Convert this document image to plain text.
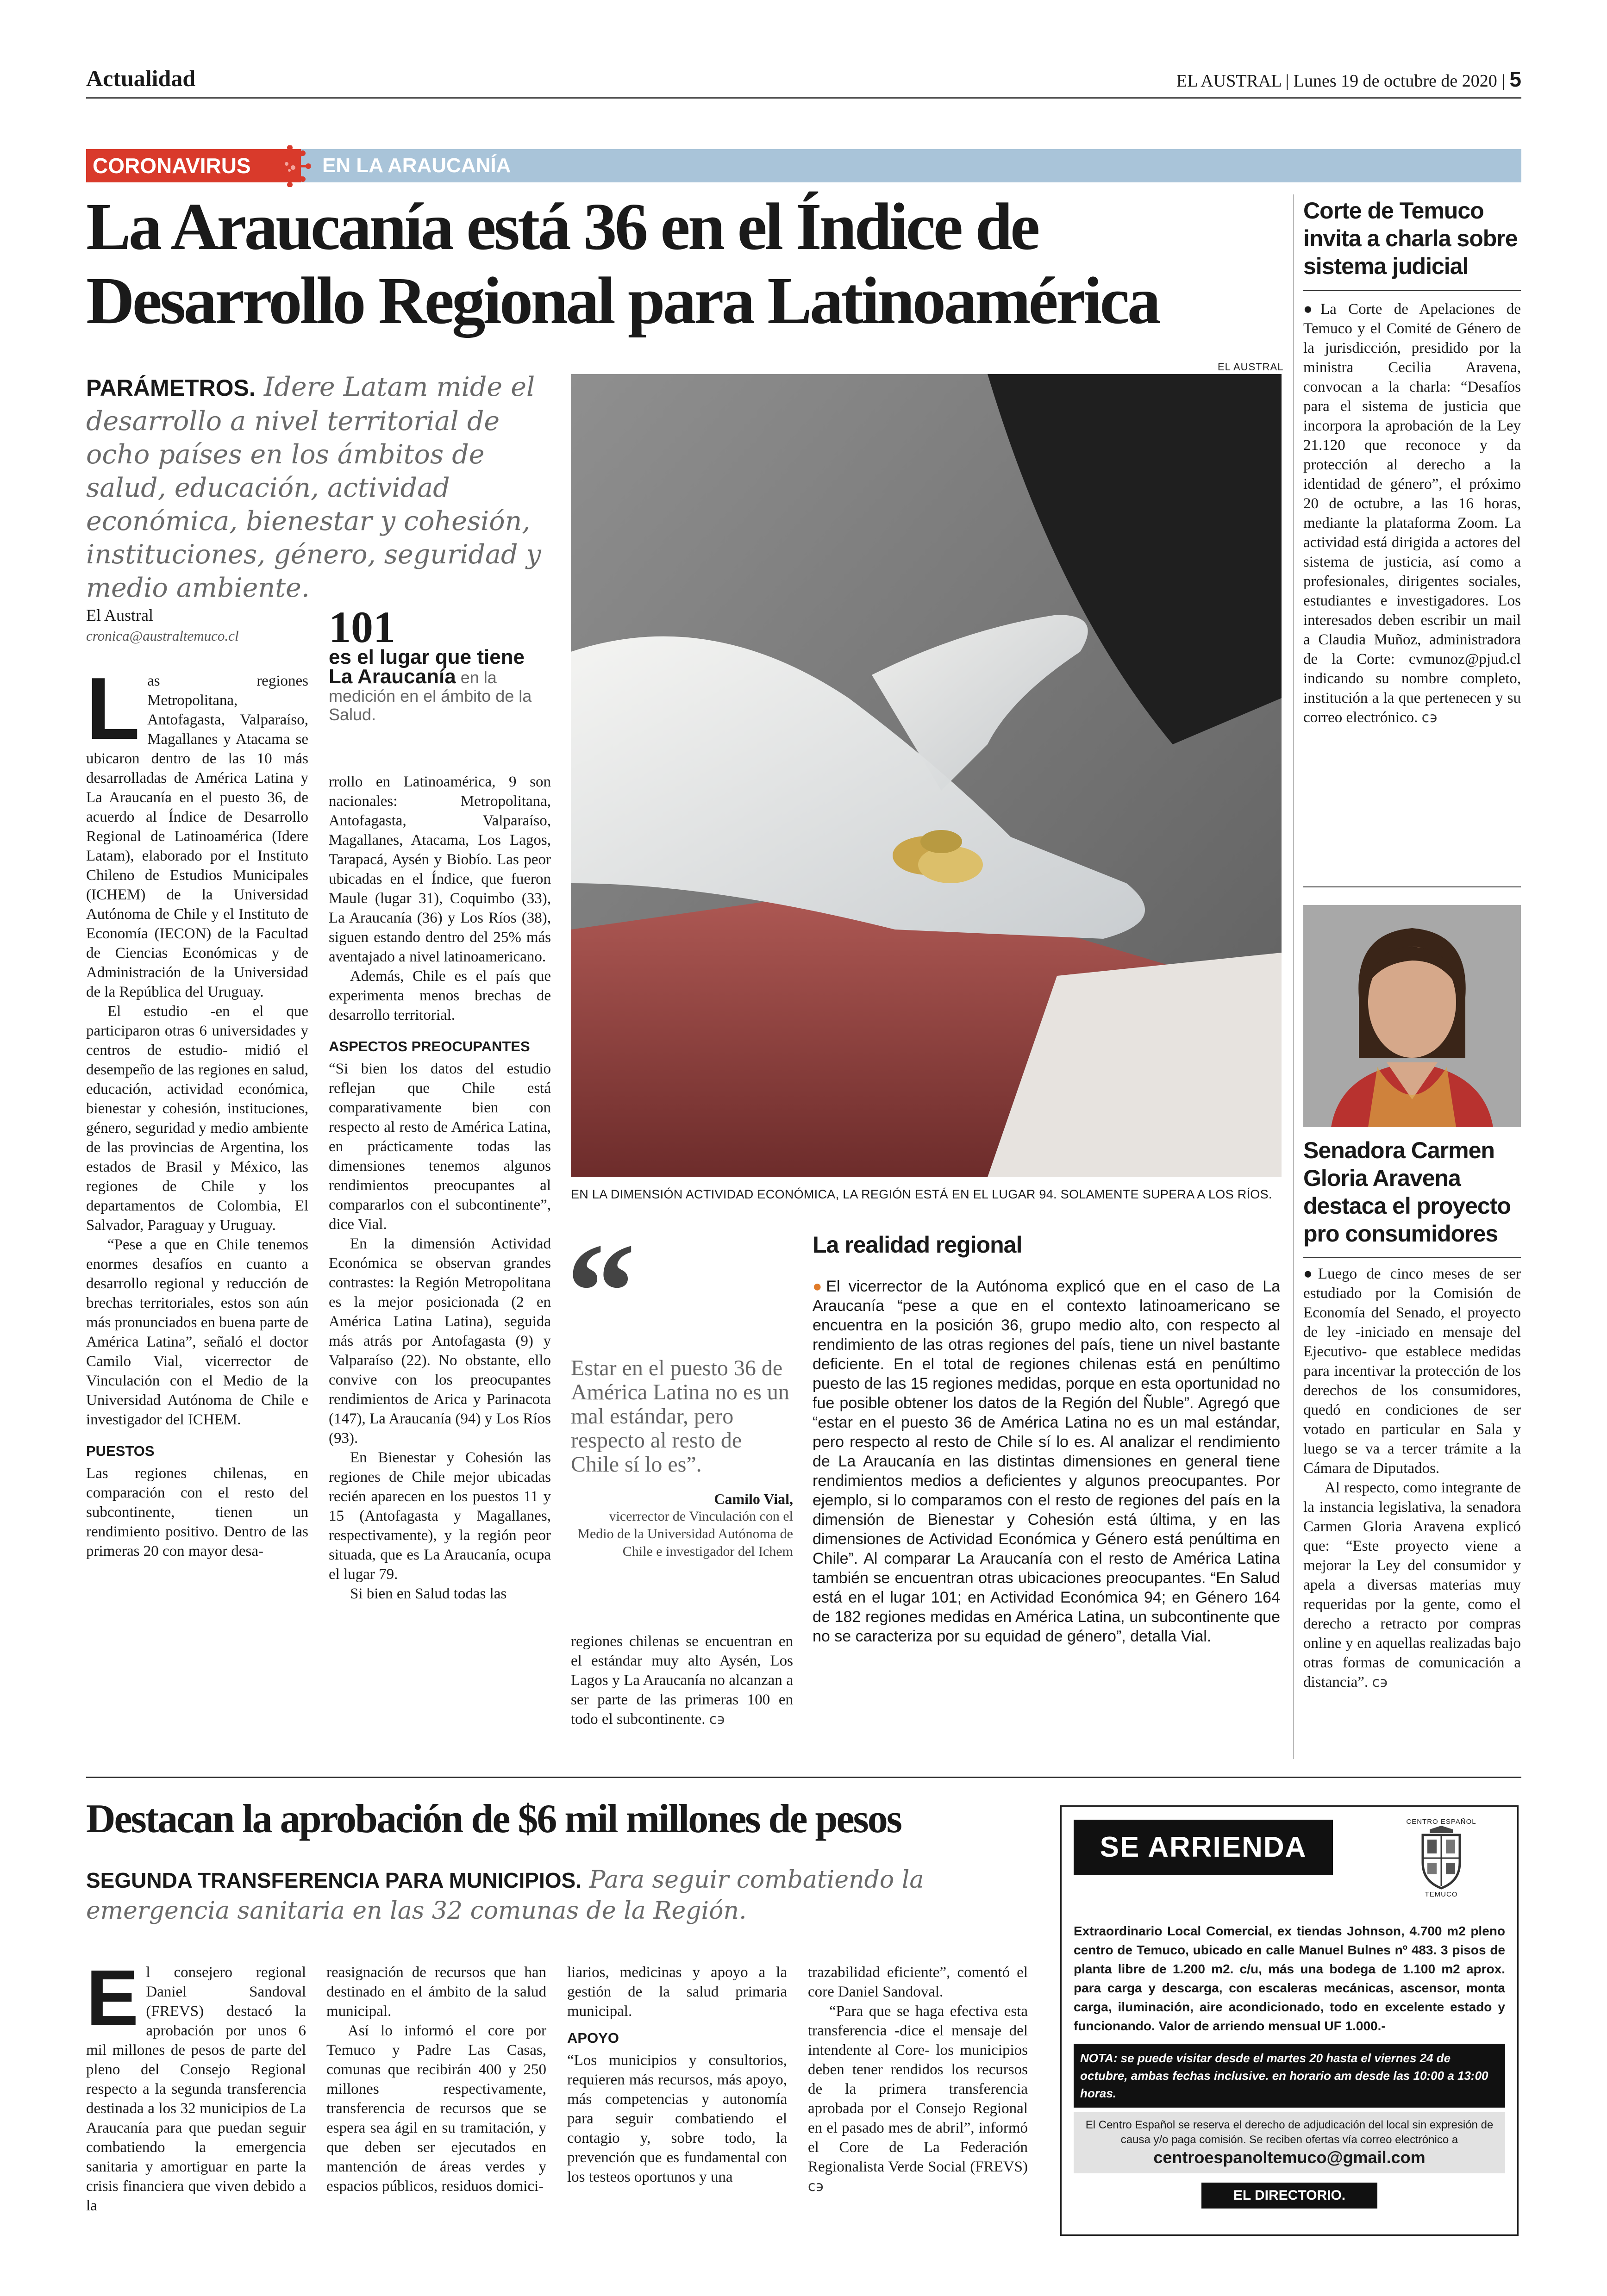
Actualidad	EL AUSTRAL | Lunes 19 de octubre de 2020 | 5
CORONAVIRUS	EN LA ARAUCANÍA
La Araucanía está 36 en el Índice de
Desarrollo Regional para Latinoamérica
PARÁMETROS. Idere Latam mide el desarrollo a nivel territorial de ocho países en los ámbitos de salud, educación, actividad económica, bienestar y cohesión, instituciones, género, seguridad y medio ambiente.
EL AUSTRAL
EN LA DIMENSIÓN ACTIVIDAD ECONÓMICA, LA REGIÓN ESTÁ EN EL LUGAR 94. SOLAMENTE SUPERA A LOS RÍOS.
El Austral
cronica@australtemuco.cl	101
es el lugar que tiene La Araucanía en la medición en el ámbito de la Salud.
L as regiones Metropolitana, Antofagasta, Valparaíso, Magallanes y Atacama se ubicaron dentro de las 10 más desarrolladas de América Latina y La Araucanía en el puesto 36, de acuerdo al Índice de Desarrollo Regional de Latinoamérica (Idere Latam), elaborado por el Instituto Chileno de Estudios Municipales (ICHEM) de la Universidad Autónoma de Chile y el Instituto de Economía (IECON) de la Facultad de Ciencias Económicas y de Administración de la Universidad de la República del Uruguay.

El estudio -en el que participaron otras 6 universidades y centros de estudio- midió el desempeño de las regiones en salud, educación, actividad económica, bienestar y cohesión, instituciones, género, seguridad y medio ambiente de las provincias de Argentina, los estados de Brasil y México, las regiones de Chile y los departamentos de Colombia, El Salvador, Paraguay y Uruguay.

“Pese a que en Chile tenemos enormes desafíos en cuanto a desarrollo regional y reducción de brechas territoriales, estos son aún más pronunciados en buena parte de América Latina”, señaló el doctor Camilo Vial, vicerrector de Vinculación con el Medio de la Universidad Autónoma de Chile e investigador del ICHEM.

PUESTOS

Las regiones chilenas, en comparación con el resto del subcontinente, tienen un rendimiento positivo. Dentro de las primeras 20 con mayor desa-

rrollo en Latinoamérica, 9 son nacionales: Metropolitana, Antofagasta, Valparaíso, Magallanes, Atacama, Los Lagos, Tarapacá, Aysén y Biobío. Las peor ubicadas en el Índice, que fueron Maule (lugar 31), Coquimbo (33), La Araucanía (36) y Los Ríos (38), siguen estando dentro del 25% más aventajado a nivel latinoamericano.

Además, Chile es el país que experimenta menos brechas de desarrollo territorial.

ASPECTOS PREOCUPANTES

“Si bien los datos del estudio reflejan que Chile está comparativamente bien con respecto al resto de América Latina, en prácticamente todas las dimensiones tenemos algunos rendimientos preocupantes al compararlos con el subcontinente”, dice Vial.

En la dimensión Actividad Económica se observan grandes contrastes: la Región Metropolitana es la mejor posicionada (2 en América Latina Latina), seguida más atrás por Antofagasta (9) y Valparaíso (22). No obstante, ello convive con los preocupantes rendimientos de Arica y Parinacota (147), La Araucanía (94) y Los Ríos (93).

En Bienestar y Cohesión las regiones de Chile mejor ubicadas recién aparecen en los puestos 11 y 15 (Antofagasta y Magallanes, respectivamente), y la región peor situada, que es La Araucanía, ocupa el lugar 79.

Si bien en Salud todas las

“
Estar en el puesto 36 de América Latina no es un mal estándar, pero respecto al resto de Chile sí lo es”.
Camilo Vial,
vicerrector de Vinculación con el Medio de la Universidad Autónoma de Chile e investigador del Ichem

regiones chilenas se encuentran en el estándar muy alto Aysén, Los Lagos y La Araucanía no alcanzan a ser parte de las primeras 100 en todo el subcontinente. ϲ϶

La realidad regional
●El vicerrector de la Autónoma explicó que en el caso de La Araucanía “pese a que en el contexto latinoamericano se encuentra en la posición 36, grupo medio alto, con respecto al rendimiento de las otras regiones del país, tiene un nivel bastante deficiente. En el total de regiones chilenas está en penúltimo puesto de las 15 regiones medidas, porque en esta oportunidad no fue posible obtener los datos de la Región del Ñuble”. Agregó que “estar en el puesto 36 de América Latina no es un mal estándar, pero respecto al resto de Chile sí lo es. Al analizar el rendimiento de La Araucanía en las distintas dimensiones en general tiene rendimientos medios a deficientes y algunos preocupantes. Por ejemplo, si lo comparamos con el resto de regiones del país en la dimensión de Bienestar y Cohesión está última, y en las dimensiones de Actividad Económica y Género está penúltima en Chile”. Al comparar La Araucanía con el resto de América Latina también se encuentran otras ubicaciones preocupantes. “En Salud está en el lugar 101; en Actividad Económica 94; en Género 164 de 182 regiones medidas en América Latina, un subcontinente que no se caracteriza por su equidad de género”, detalla Vial.
Corte de Temuco invita a charla sobre sistema judicial

●La Corte de Apelaciones de Temuco y el Comité de Género de la jurisdicción, presidido por la ministra Cecilia Aravena, convocan a la charla: “Desafíos para el sistema de justicia que incorpora la aprobación de la Ley 21.120 que reconoce y da protección al derecho a la identidad de género”, el próximo 20 de octubre, a las 16 horas, mediante la plataforma Zoom. La actividad está dirigida a actores del sistema de justicia, así como a profesionales, dirigentes sociales, estudiantes e investigadores. Los interesados deben escribir un mail a Claudia Muñoz, administradora de la Corte: cvmunoz@pjud.cl indicando su nombre completo, institución a la que pertenecen y su correo electrónico. ϲ϶

Senadora Carmen Gloria Aravena destaca el proyecto pro consumidores

●Luego de cinco meses de ser estudiado por la Comisión de Economía del Senado, el proyecto de ley -iniciado en mensaje del Ejecutivo- que establece medidas para incentivar la protección de los derechos de los consumidores, quedó en condiciones de ser votado en particular en Sala y luego se va a tercer trámite a la Cámara de Diputados.

Al respecto, como integrante de la instancia legislativa, la senadora Carmen Gloria Aravena explicó que: “Este proyecto viene a mejorar la Ley del consumidor y apela a diversas materias muy requeridas por la gente, como el derecho a retracto por compras online y en aquellas realizadas bajo otras formas de comunicación a distancia”. ϲ϶

Destacan la aprobación de $6 mil millones de pesos
SEGUNDA TRANSFERENCIA PARA MUNICIPIOS. Para seguir combatiendo la emergencia sanitaria en las 32 comunas de la Región.
E l consejero regional Daniel Sandoval (FREVS) destacó la aprobación por unos 6 mil millones de pesos de parte del pleno del Consejo Regional respecto a la segunda transferencia destinada a los 32 municipios de La Araucanía para que puedan seguir combatiendo la emergencia sanitaria y amortiguar en parte la crisis financiera que viven debido a la

reasignación de recursos que han destinado en el ámbito de la salud municipal.

Así lo informó el core por Temuco y Padre Las Casas, comunas que recibirán 400 y 250 millones respectivamente, transferencia de recursos que se espera sea ágil en su tramitación, y que deben ser ejecutados en mantención de áreas verdes y espacios públicos, residuos domici-

liarios, medicinas y apoyo a la gestión de la salud primaria municipal.

APOYO

“Los municipios y consultorios, requieren más recursos, más apoyo, más competencias y autonomía para seguir combatiendo el contagio y, sobre todo, la prevención que es fundamental con los testeos oportunos y una

trazabilidad eficiente”, comentó el core Daniel Sandoval.

“Para que se haga efectiva esta transferencia -dice el mensaje del intendente al Core- los municipios deben tener rendidos los recursos de la primera transferencia aprobada por el Consejo Regional en el pasado mes de abril”, informó el Core de La Federación Regionalista Verde Social (FREVS) ϲ϶

SE ARRIENDA
CENTRO ESPAÑOL
TEMUCO
Extraordinario Local Comercial, ex tiendas Johnson, 4.700 m2 pleno centro de Temuco, ubicado en calle Manuel Bulnes nº 483. 3 pisos de planta libre de 1.200 m2. c/u, más una bodega de 1.100 m2 aprox. para carga y descarga, con escaleras mecánicas, ascensor, monta carga, iluminación, aire acondicionado, todo en excelente estado y funcionando. Valor de arriendo mensual UF 1.000.-
NOTA: se puede visitar desde el martes 20 hasta el viernes 24 de octubre, ambas fechas inclusive. en horario am desde las 10:00 a 13:00 horas.
El Centro Español se reserva el derecho de adjudicación del local sin expresión de causa y/o paga comisión. Se reciben ofertas vía correo electrónico a
centroespanoltemuco@gmail.com
EL DIRECTORIO.
